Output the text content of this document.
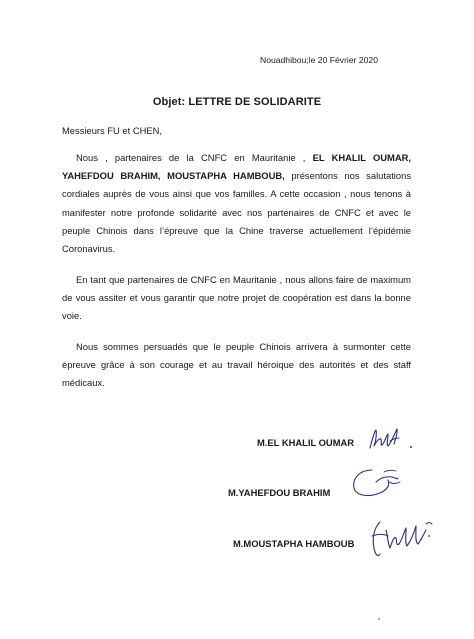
Nouadhibou;le 20 Février 2020
Objet: LETTRE DE SOLIDARITE
Messieurs FU et CHEN,

Nous , partenaires de la CNFC en Mauritanie , EL KHALIL OUMAR, YAHEFDOU BRAHIM, MOUSTAPHA HAMBOUB, présentons nos salutations cordiales auprès de vous ainsi que vos familles. A cette occasion , nous tenons à manifester notre profonde solidarité avec nos partenaires de CNFC et avec le peuple Chinois dans l’épreuve que la Chine traverse actuellement l’épidémie Coronavirus.

En tant que partenaires de CNFC en Mauritanie , nous allons faire de maximum de vous assiter et vous garantịr que notre projet de coopération est dans la bonne voie.

Nous sommes persuadés que le peuple Chinois arrivera à surmonter cette épreuve grâce à son courage et au travail héroique des autorités et des staff médicaux.

M.EL KHALIL OUMAR
M.YAHEFDOU BRAHIM
M.MOUSTAPHA HAMBOUB
